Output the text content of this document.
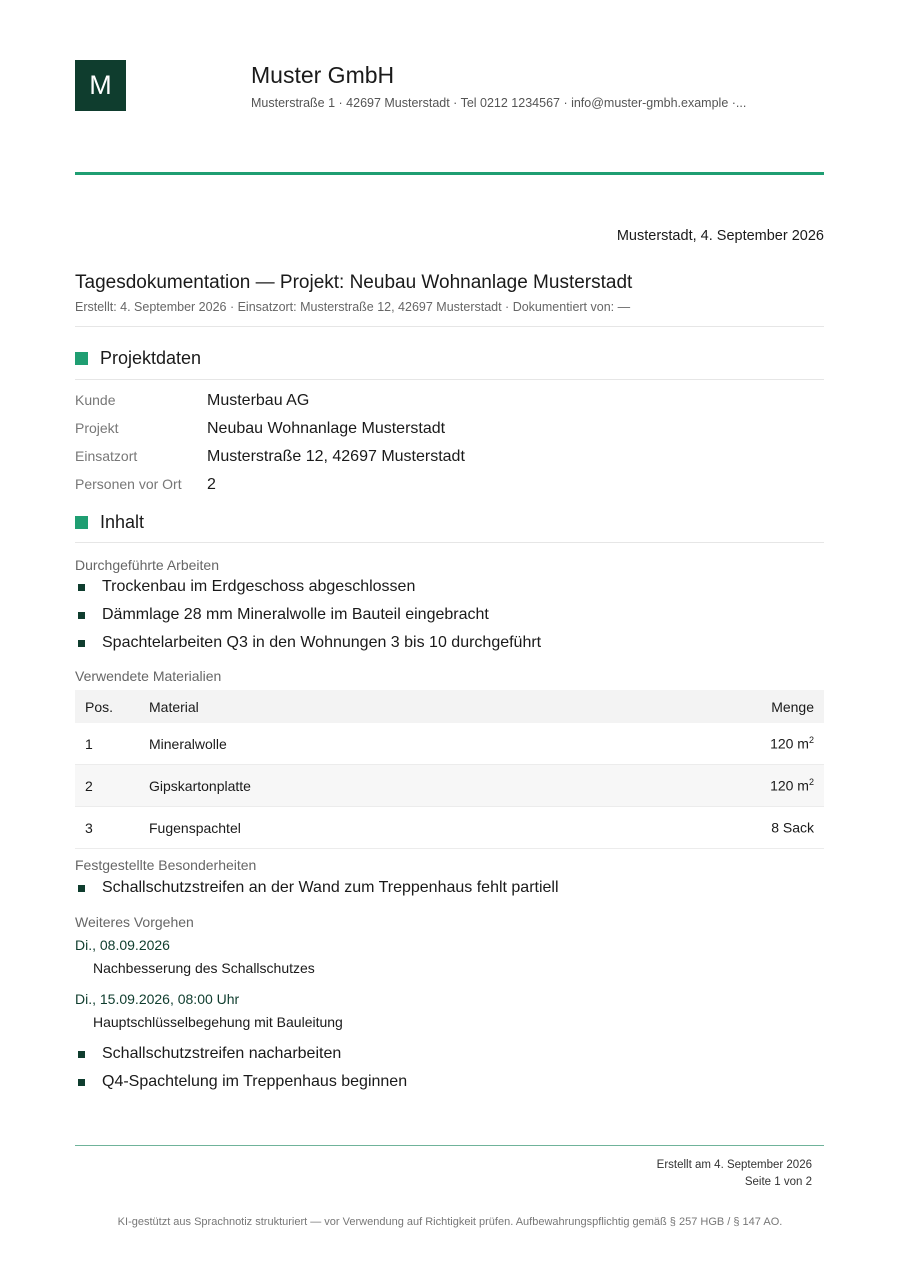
M	Muster GmbH
Musterstraße 1 · 42697 Musterstadt · Tel 0212 1234567 · info@muster-gmbh.example ·...
Musterstadt, 4. September 2026
Tagesdokumentation — Projekt: Neubau Wohnanlage Musterstadt
Erstellt: 4. September 2026 · Einsatzort: Musterstraße 12, 42697 Musterstadt · Dokumentiert von: —
Projektdaten
Kunde	Musterbau AG
Projekt	Neubau Wohnanlage Musterstadt
Einsatzort	Musterstraße 12, 42697 Musterstadt
Personen vor Ort	2
Inhalt
Durchgeführte Arbeiten
Trockenbau im Erdgeschoss abgeschlossen
Dämmlage 28 mm Mineralwolle im Bauteil eingebracht
Spachtelarbeiten Q3 in den Wohnungen 3 bis 10 durchgeführt
Verwendete Materialien
Pos.	Material	Menge
1	Mineralwolle	120 $m^2$
2	Gipskartonplatte	120 $m^2$
3	Fugenspachtel	8 Sack
Festgestellte Besonderheiten
Schallschutzstreifen an der Wand zum Treppenhaus fehlt partiell
Weiteres Vorgehen
Di., 08.09.2026
Nachbesserung des Schallschutzes
Di., 15.09.2026, 08:00 Uhr
Hauptschlüsselbegehung mit Bauleitung
Schallschutzstreifen nacharbeiten
Q4-Spachtelung im Treppenhaus beginnen
Erstellt am 4. September 2026
Seite 1 von 2
KI-gestützt aus Sprachnotiz strukturiert — vor Verwendung auf Richtigkeit prüfen. Aufbewahrungspflichtig gemäß § 257 HGB / § 147 AO.
